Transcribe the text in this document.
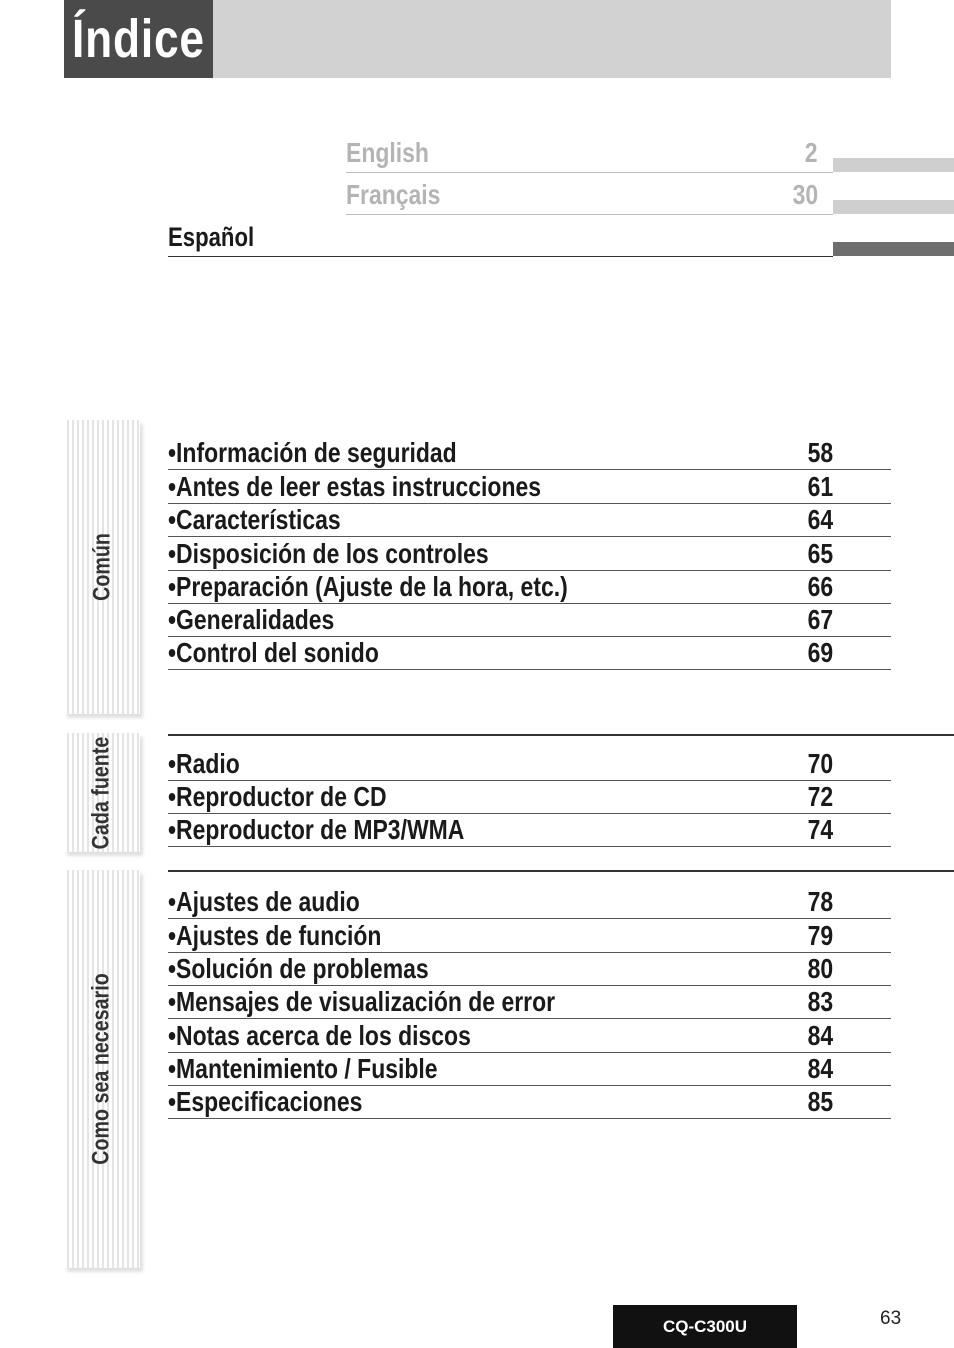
Índice
English	2
Français	30
Español
Común
•Información de seguridad	58
•Antes de leer estas instrucciones	61
•Características	64
•Disposición de los controles	65
•Preparación (Ajuste de la hora, etc.)	66
•Generalidades	67
•Control del sonido	69
Cada fuente •Radio	70
•Reproductor de CD	72
•Reproductor de MP3/WMA	74
Como sea necesario
•Ajustes de audio	78
•Ajustes de función	79
•Solución de problemas	80
•Mensajes de visualización de error	83
•Notas acerca de los discos	84
•Mantenimiento / Fusible	84
•Especificaciones	85
CQ-C300U	63
